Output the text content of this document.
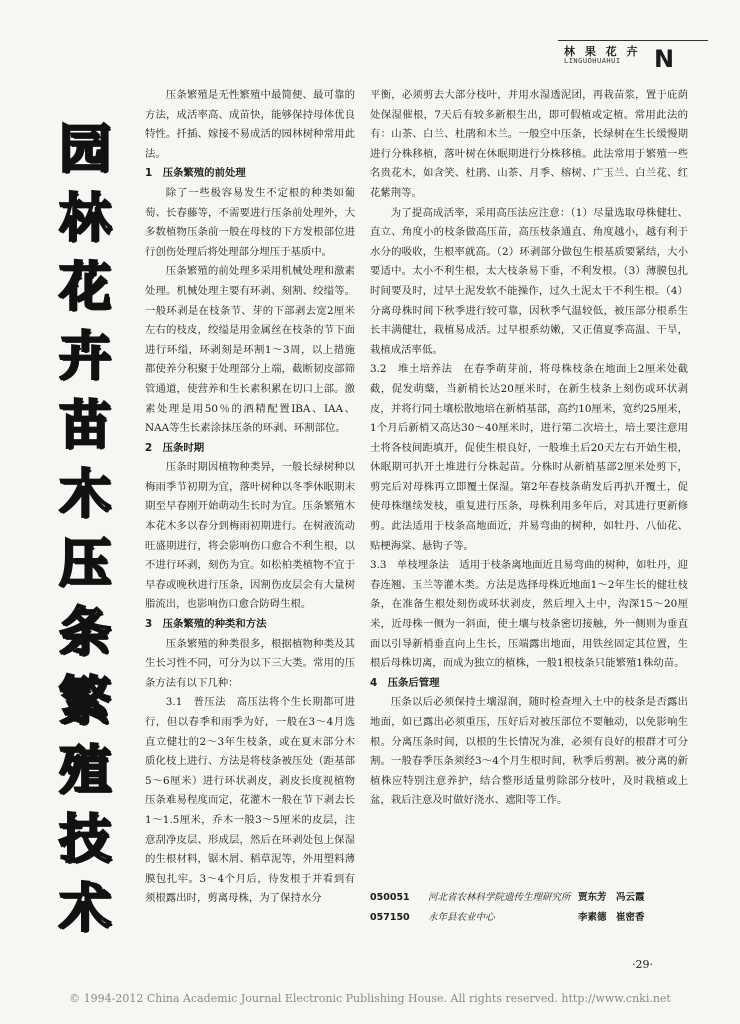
林 果 花 卉
LINGUOHUAHUI N
园
林
花
卉
苗
木
压
条
繁
殖
技
术

压条繁殖是无性繁殖中最简便、最可靠的方法，成活率高、成苗快，能够保持母体优良特性。扦插、嫁接不易成活的园林树种常用此法。

1　压条繁殖的前处理

除了一些极容易发生不定根的种类如葡萄、长春藤等，不需要进行压条前处理外，大多数植物压条前一般在母枝的下方发根部位进行创伤处理后将处理部分埋压于基质中。

压条繁殖的前处理多采用机械处理和激素处理。机械处理主要有环剥、刻割、绞缢等。一般环剥是在枝条节、芽的下部剥去宽2厘米左右的枝皮，绞缢是用金属丝在枝条的节下面进行环缢，环剥刻是环割1～3周，以上措施都使养分积聚于处理部分上端，截断韧皮部筛管通道，使营养和生长素积累在切口上部。激素处理是用50％的酒精配置IBA、IAA、NAA等生长素涂抹压条的环剥、环割部位。

2　压条时期

压条时期因植物种类异，一般长绿树种以梅雨季节初期为宜，落叶树种以冬季休眠期末期至早春刚开始萌动生长时为宜。压条繁殖木本花木多以春分到梅雨初期进行。在树液流动旺盛期进行，将会影响伤口愈合不利生根，以不进行环剥，刻伤为宜。如松柏类植物不宜于早春或晚秋进行压条，因割伤皮层会有大量树脂流出，也影响伤口愈合防碍生根。

3　压条繁殖的种类和方法

压条繁殖的种类很多，根据植物种类及其生长习性不同，可分为以下三大类。常用的压条方法有以下几种：

3.1　普压法　高压法将个生长期都可进行，但以春季和雨季为好，一般在3～4月选直立健壮的2～3年生枝条，或在夏末部分木质化枝上进行、方法是将枝条被压处（距基部5～6厘米）进行环状剥皮，剥皮长度视植物压条难易程度而定，花灌木一般在节下剥去长1～1.5厘米，乔木一般3～5厘米的皮层，注意刮净皮层、形成层，然后在环剥处包上保湿的生根材料，锯木屑、稻草泥等，外用塑料薄膜包扎牢。3～4个月后，待发根于并看到有须根露出时，剪离母株，为了保持水分

平衡，必须剪去大部分枝叶，并用水湿透泥团，再栽苗浆，置于庇荫处保湿催根，7天后有较多新根生出，即可假植或定植。常用此法的有：山茶、白兰、杜鹃和木兰。一般空中压条，长绿树在生长缓慢期进行分株移植，落叶树在休眠期进行分株移植。此法常用于繁殖一些名贵花木，如含笑、杜鹃、山茶、月季、榕树、广玉兰、白兰花、红花紫荆等。

为了提高成活率，采用高压法应注意：（1）尽量选取母株健壮、直立、角度小的枝条做高压苗，高压枝条通直、角度越小，越有利于水分的吸收，生根率就高。（2）环剥部分做包生根基质要紧结，大小要适中。太小不利生根，太大枝条易下垂，不利发根。（3）薄膜包扎时间要及时，过早土泥发软不能操作，过久土泥太干不利生根。（4）分离母株时间下秋季进行较可靠，因秋季气温较低，被压部分根系生长丰满健壮，栽植易成活。过早根系幼嫩，又正值夏季高温、干旱，栽植成活率低。

3.2　堆土培养法　在春季萌芽前，将母株枝条在地面上2厘米处截截，促发萌蘖，当新梢长达20厘米时，在新生枝条上刻伤或环状剥皮，并将行同土壤松散地培在新梢基部，高约10厘米，宽约25厘米，1个月后新梢又高达30～40厘米时，进行第二次培土，培土要注意用土将各枝间距填开，促使生根良好，一般堆土后20天左右开始生根，休眠期可扒开土堆进行分株起苗。分株时从新梢基部2厘米处剪下，剪完后对母株再立即覆土保湿。第2年春枝条萌发后再扒开覆土，促使母株继续发枝，重复进行压条，母株利用多年后，对其进行更新修剪。此法适用于枝条高地面近，并易弯曲的树种，如牡丹、八仙花、贴梗海棠、悬钩子等。

3.3　单枝埋条法　适用于枝条离地面近且易弯曲的树种，如牡丹，迎春连翘、玉兰等灌木类。方法是选择母株近地面1～2年生长的健壮枝条，在准备生根处刻伤或环状剥皮，然后埋入土中，沟深15～20厘米，近母株一侧为一斜面，使土壤与枝条密切接触，外一侧则为垂直面以引导新梢垂直向上生长，压端露出地面，用铁丝固定其位置，生根后母株切离，而成为独立的植株，一般1根枝条只能繁殖1株幼苗。

4　压条后管理

压条以后必须保持土壤湿润，随时检查埋入土中的枝条是否露出地面，如已露出必须重压，压好后对被压部位不要触动，以免影响生根。分离压条时间，以根的生长情况为准，必须有良好的根群才可分割。一般春季压条须经3～4个月生根时间，秋季后剪割。被分离的新植株应特别注意养护，结合整形适量剪除部分枝叶，及时栽植或上盆，栽后注意及时做好浇水、遮阳等工作。

050051 河北省农林科学院遗传生理研究所 贾东芳　冯云霞
057150 永年县农业中心	李素德　崔密香
·29·
© 1994-2012 China Academic Journal Electronic Publishing House. All rights reserved. http://www.cnki.net
